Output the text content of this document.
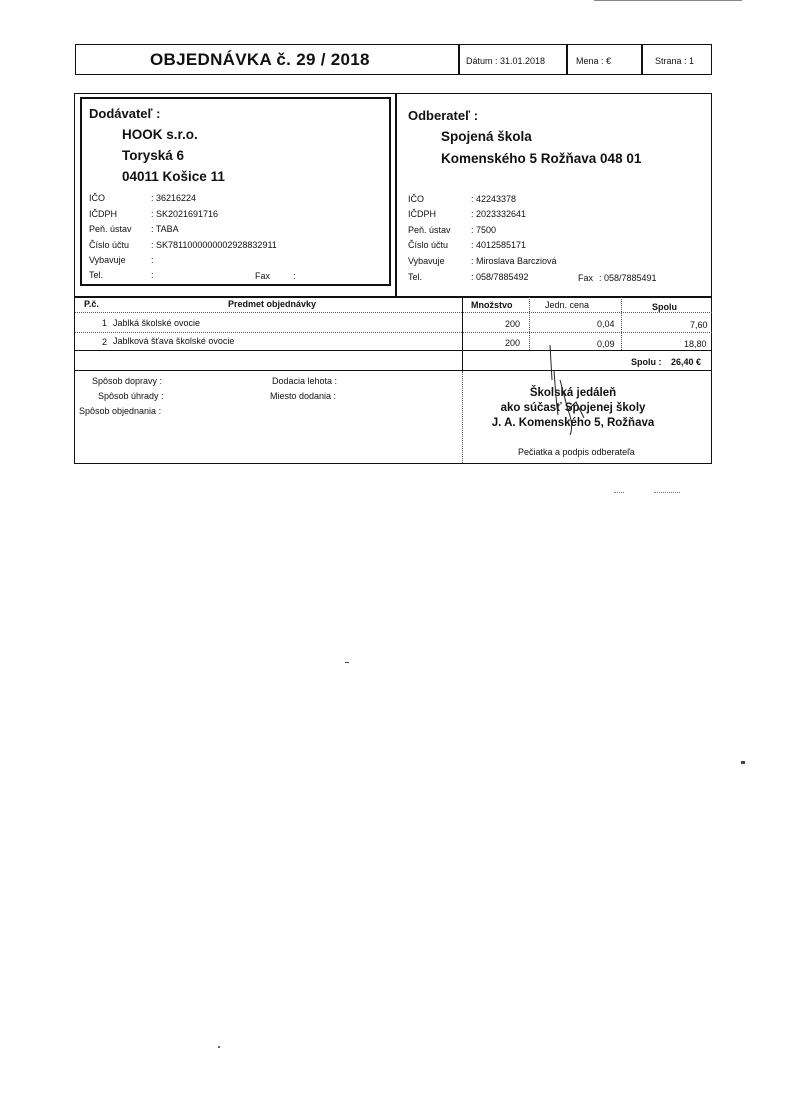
OBJEDNÁVKA č. 29 / 2018	Dátum : 31.01.2018	Mena : €	Strana : 1
Dodávateľ :
HOOK s.r.o.
Toryská 6
04011 Košice 11
IČO	: 36216224
IČDPH	: SK2021691716
Peň. ústav : TABA
Číslo účtu : SK7811000000002928832911
Vybavuje	:
Tel.	:	Fax	:
Odberateľ :
Spojená škola
Komenského 5 Rožňava 048 01
IČO	: 42243378
IČDPH	: 2023332641
Peň. ústav : 7500
Číslo účtu	: 4012585171
Vybavuje	: Miroslava Barcziová
Tel.	: 058/7885492	Fax : 058/7885491
P.č.	Predmet objednávky	Množstvo	Jedn. cena	Spolu
1 Jablká školské ovocie	200	0,04	7,60
2 Jablková šťava školské ovocie	200	0,09	18,80
Spolu : 26,40 €
Spôsob dopravy :
Spôsob úhrady :
Spôsob objednania :
Dodacia lehota :
Miesto dodania :	Školská jedáleň
ako súčasť Spojenej školy
J. A. Komenského 5, Rožňava
Pečiatka a podpis odberateľa
